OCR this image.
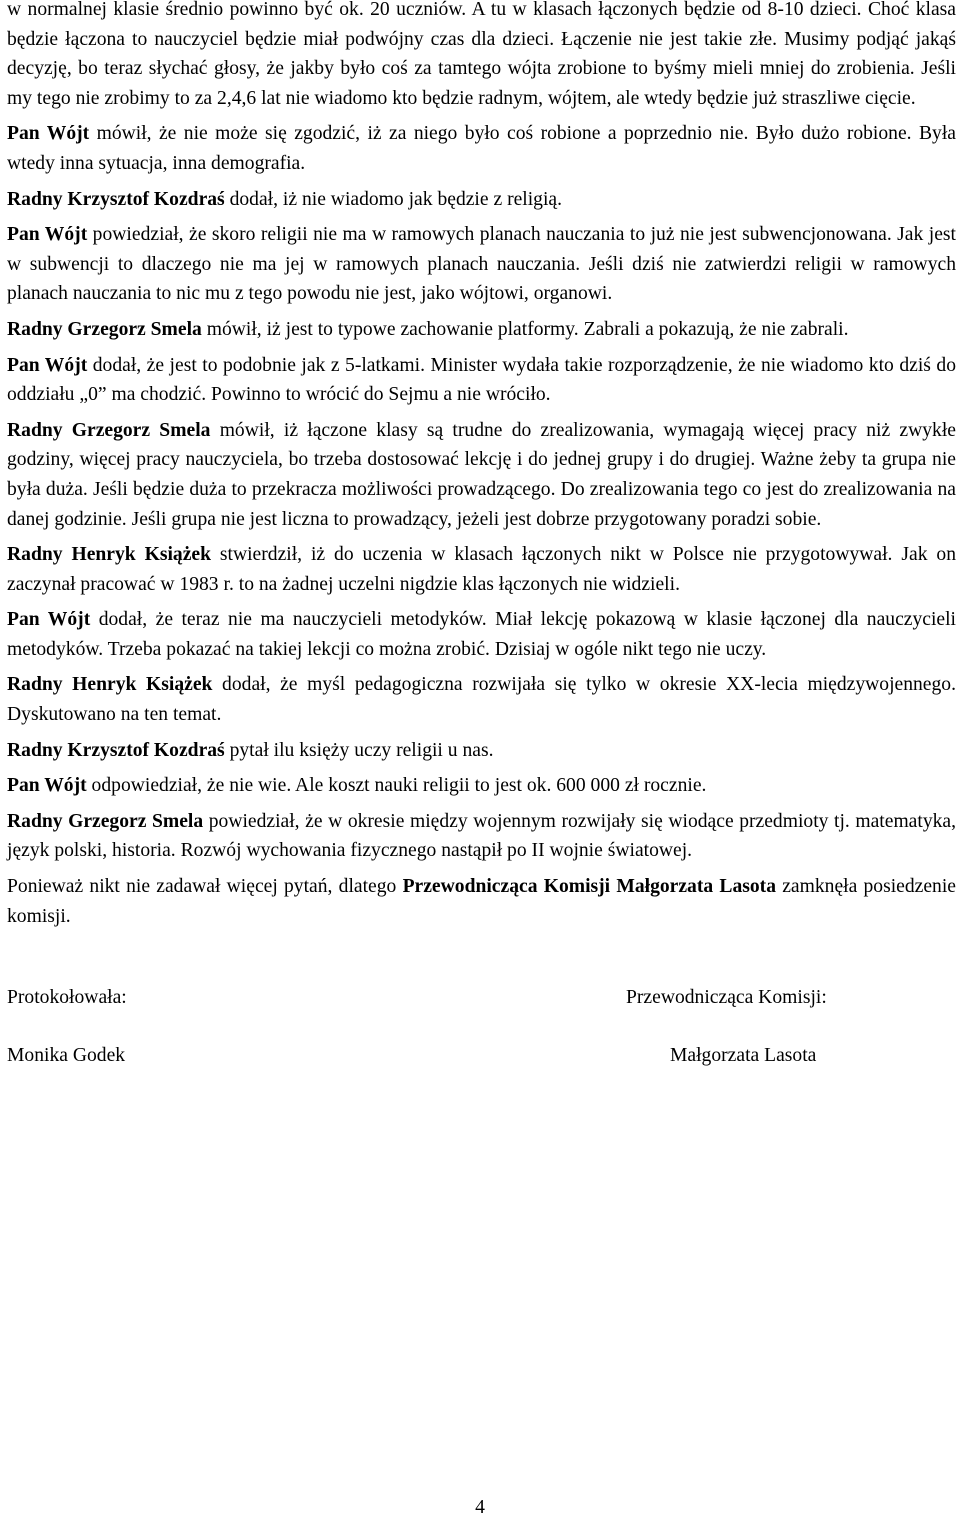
w normalnej klasie średnio powinno być ok. 20 uczniów. A tu w klasach łączonych będzie od 8-10 dzieci. Choć klasa będzie łączona to nauczyciel będzie miał podwójny czas dla dzieci. Łączenie nie jest takie złe. Musimy podjąć jakąś decyzję, bo teraz słychać głosy, że jakby było coś za tamtego wójta zrobione to byśmy mieli mniej do zrobienia. Jeśli my tego nie zrobimy to za 2,4,6 lat nie wiadomo kto będzie radnym, wójtem, ale wtedy będzie już straszliwe cięcie.

Pan Wójt mówił, że nie może się zgodzić, iż za niego było coś robione a poprzednio nie. Było dużo robione. Była wtedy inna sytuacja, inna demografia.

Radny Krzysztof Kozdraś dodał, iż nie wiadomo jak będzie z religią.

Pan Wójt powiedział, że skoro religii nie ma w ramowych planach nauczania to już nie jest subwencjonowana. Jak jest w subwencji to dlaczego nie ma jej w ramowych planach nauczania. Jeśli dziś nie zatwierdzi religii w ramowych planach nauczania to nic mu z tego powodu nie jest, jako wójtowi, organowi.

Radny Grzegorz Smela mówił, iż jest to typowe zachowanie platformy. Zabrali a pokazują, że nie zabrali.

Pan Wójt dodał, że jest to podobnie jak z 5-latkami. Minister wydała takie rozporządzenie, że nie wiadomo kto dziś do oddziału „0” ma chodzić. Powinno to wrócić do Sejmu a nie wróciło.

Radny Grzegorz Smela mówił, iż łączone klasy są trudne do zrealizowania, wymagają więcej pracy niż zwykłe godziny, więcej pracy nauczyciela, bo trzeba dostosować lekcję i do jednej grupy i do drugiej. Ważne żeby ta grupa nie była duża. Jeśli będzie duża to przekracza możliwości prowadzącego. Do zrealizowania tego co jest do zrealizowania na danej godzinie. Jeśli grupa nie jest liczna to prowadzący, jeżeli jest dobrze przygotowany poradzi sobie.

Radny Henryk Książek stwierdził, iż do uczenia w klasach łączonych nikt w Polsce nie przygotowywał. Jak on zaczynał pracować w 1983 r. to na żadnej uczelni nigdzie klas łączonych nie widzieli.

Pan Wójt dodał, że teraz nie ma nauczycieli metodyków. Miał lekcję pokazową w klasie łączonej dla nauczycieli metodyków. Trzeba pokazać na takiej lekcji co można zrobić. Dzisiaj w ogóle nikt tego nie uczy.

Radny Henryk Książek dodał, że myśl pedagogiczna rozwijała się tylko w okresie XX-lecia międzywojennego. Dyskutowano na ten temat.

Radny Krzysztof Kozdraś pytał ilu księży uczy religii u nas.

Pan Wójt odpowiedział, że nie wie. Ale koszt nauki religii to jest ok. 600 000 zł rocznie.

Radny Grzegorz Smela powiedział, że w okresie między wojennym rozwijały się wiodące przedmioty tj. matematyka, język polski, historia. Rozwój wychowania fizycznego nastąpił po II wojnie światowej.

Ponieważ nikt nie zadawał więcej pytań, dlatego Przewodnicząca Komisji Małgorzata Lasota zamknęła posiedzenie komisji.

Protokołowała:
Monika Godek
Przewodnicząca Komisji:
Małgorzata Lasota
4
